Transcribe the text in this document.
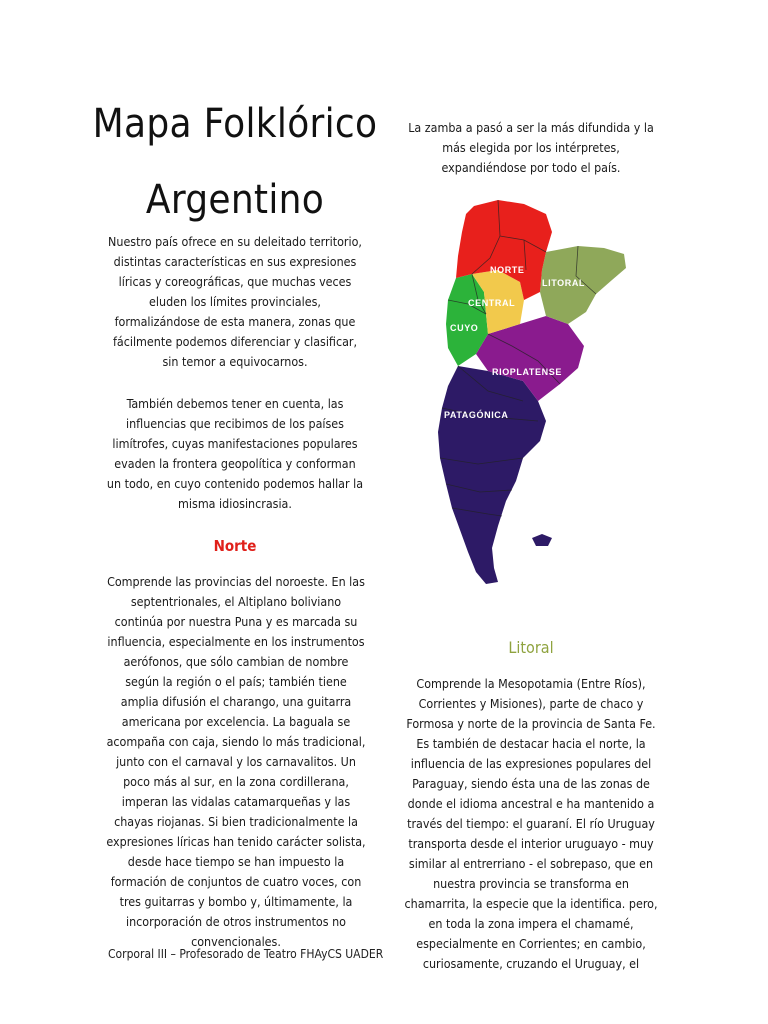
Mapa Folklórico
Argentino

Nuestro país ofrece en su deleitado territorio, distintas características en sus expresiones líricas y coreográficas, que muchas veces eluden los límites provinciales, formalizándose de esta manera, zonas que fácilmente podemos diferenciar y clasificar, sin temor a equivocarnos.

También debemos tener en cuenta, las influencias que recibimos de los países limítrofes, cuyas manifestaciones populares evaden la frontera geopolítica y conforman un todo, en cuyo contenido podemos hallar la misma idiosincrasia.

La zamba a pasó a ser la más difundida y la más elegida por los intérpretes, expandiéndose por todo el país.

NORTE
LITORAL
CENTRAL
CUYO
RIOPLATENSE
PATAGÓNICA
Norte

Comprende las provincias del noroeste. En las septentrionales, el Altiplano boliviano continúa por nuestra Puna y es marcada su influencia, especialmente en los instrumentos aerófonos, que sólo cambian de nombre según la región o el país; también tiene amplia difusión el charango, una guitarra americana por excelencia. La baguala se acompaña con caja, siendo lo más tradicional, junto con el carnaval y los carnavalitos. Un poco más al sur, en la zona cordillerana, imperan las vidalas catamarqueñas y las chayas riojanas. Si bien tradicionalmente la expresiones líricas han tenido carácter solista, desde hace tiempo se han impuesto la formación de conjuntos de cuatro voces, con tres guitarras y bombo y, últimamente, la incorporación de otros instrumentos no convencionales.

Litoral

Comprende la Mesopotamia (Entre Ríos), Corrientes y Misiones), parte de chaco y Formosa y norte de la provincia de Santa Fe. Es también de destacar hacia el norte, la influencia de las expresiones populares del Paraguay, siendo ésta una de las zonas de donde el idioma ancestral e ha mantenido a través del tiempo: el guaraní. El río Uruguay transporta desde el interior uruguayo - muy similar al entrerriano - el sobrepaso, que en nuestra provincia se transforma en chamarrita, la especie que la identifica. pero, en toda la zona impera el chamamé, especialmente en Corrientes; en cambio, curiosamente, cruzando el Uruguay, el

Corporal III – Profesorado de Teatro FHAyCS UADER
